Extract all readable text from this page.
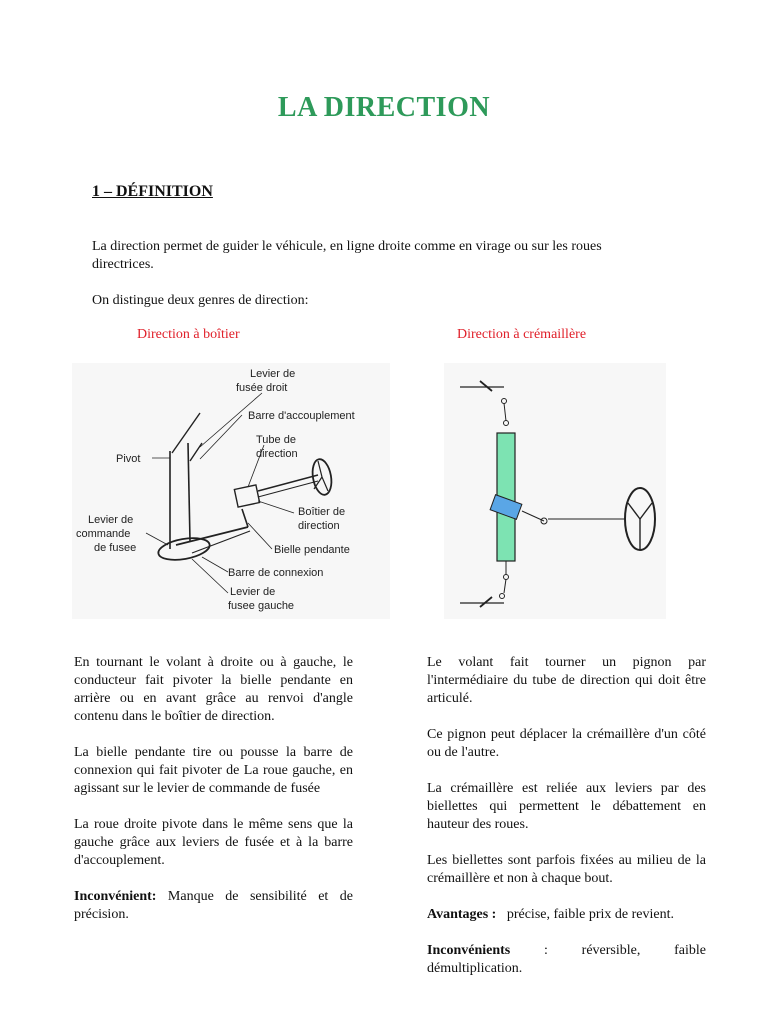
LA DIRECTION
1 – DÉFINITION
La direction permet de guider le véhicule, en ligne droite comme en virage ou sur les roues
directrices.
On distingue deux genres de direction:
Direction à boîtier	Direction à crémaillère
Levier de
fusée droit
Barre d'accouplement
Pivot
Tube de
direction
Levier de
commande
de fusee
Boîtier de
direction
Bielle pendante
Barre de connexion
Levier de
fusee gauche

En tournant le volant à droite ou à gauche, le conducteur fait pivoter la bielle pendante en arrière ou en avant grâce au renvoi d'angle contenu dans le boîtier de direction.

La bielle pendante tire ou pousse la barre de connexion qui fait pivoter de La roue gauche, en agissant sur le levier de commande de fusée

La roue droite pivote dans le même sens que la gauche grâce aux leviers de fusée et à la barre d'accouplement.

Inconvénient: Manque de sensibilité et de précision.

Le volant fait tourner un pignon par l'intermédiaire du tube de direction qui doit être articulé.

Ce pignon peut déplacer la crémaillère d'un côté ou de l'autre.

La crémaillère est reliée aux leviers par des biellettes qui permettent le débattement en hauteur des roues.

Les biellettes sont parfois fixées au milieu de la crémaillère et non à chaque bout.

Avantages :   précise, faible prix de revient.

Inconvénients : réversible, faible démultiplication.
